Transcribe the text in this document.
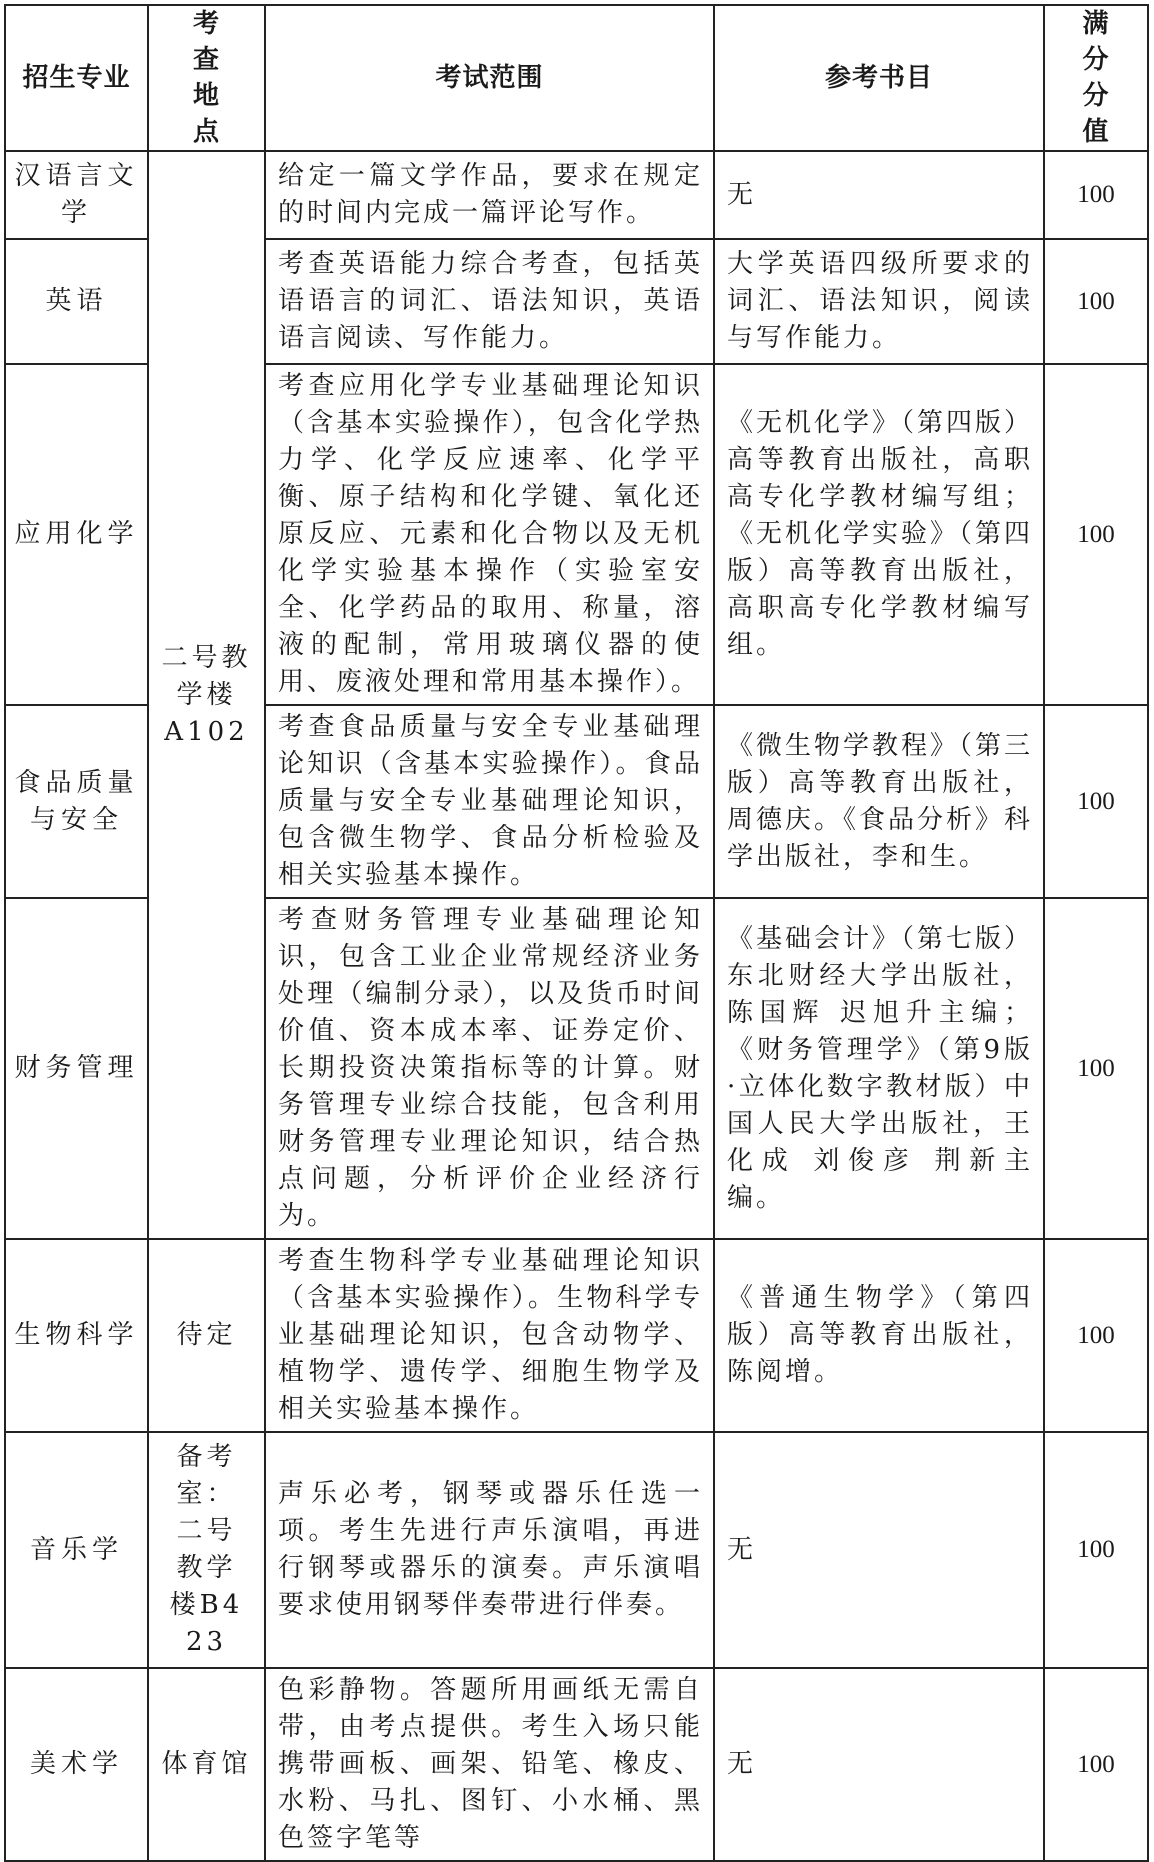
招生专业	考查地点	考试范围	参考书目	满分分值
汉语言文学	二号教学楼A102	给定一篇文学作品，要求在规定的时间内完成一篇评论写作。	无	100
英语		考查英语能力综合考查，包括英语语言的词汇、语法知识，英语语言阅读、写作能力。	大学英语四级所要求的词汇、语法知识，阅读与写作能力。	100
应用化学		考查应用化学专业基础理论知识（含基本实验操作），包含化学热力学、化学反应速率、化学平衡、原子结构和化学键、氧化还原反应、元素和化合物以及无机化学实验基本操作（实验室安全、化学药品的取用、称量，溶液的配制，常用玻璃仪器的使用、废液处理和常用基本操作）。	《无机化学》（第四版）高等教育出版社，高职高专化学教材编写组；《无机化学实验》（第四版）高等教育出版社，高职高专化学教材编写组。	100
食品质量与安全		考查食品质量与安全专业基础理论知识（含基本实验操作）。食品质量与安全专业基础理论知识，包含微生物学、食品分析检验及相关实验基本操作。	《微生物学教程》（第三版）高等教育出版社，周德庆。《食品分析》科学出版社，李和生。	100
财务管理		考查财务管理专业基础理论知识，包含工业企业常规经济业务处理（编制分录），以及货币时间价值、资本成本率、证券定价、长期投资决策指标等的计算。财务管理专业综合技能，包含利用财务管理专业理论知识，结合热点问题，分析评价企业经济行为。	《基础会计》（第七版）东北财经大学出版社，陈国辉 迟旭升主编；《财务管理学》（第9版·立体化数字教材版）中国人民大学出版社，王化成 刘俊彦 荆新主编。	100
生物科学	待定	考查生物科学专业基础理论知识（含基本实验操作）。生物科学专业基础理论知识，包含动物学、植物学、遗传学、细胞生物学及相关实验基本操作。	《普通生物学》（第四版）高等教育出版社，陈阅增。	100
音乐学	备考室：二号教学楼B423	声乐必考，钢琴或器乐任选一项。考生先进行声乐演唱，再进行钢琴或器乐的演奏。声乐演唱要求使用钢琴伴奏带进行伴奏。	无	100
美术学	体育馆	色彩静物。答题所用画纸无需自带，由考点提供。考生入场只能携带画板、画架、铅笔、橡皮、水粉、马扎、图钉、小水桶、黑色签字笔等	无	100
